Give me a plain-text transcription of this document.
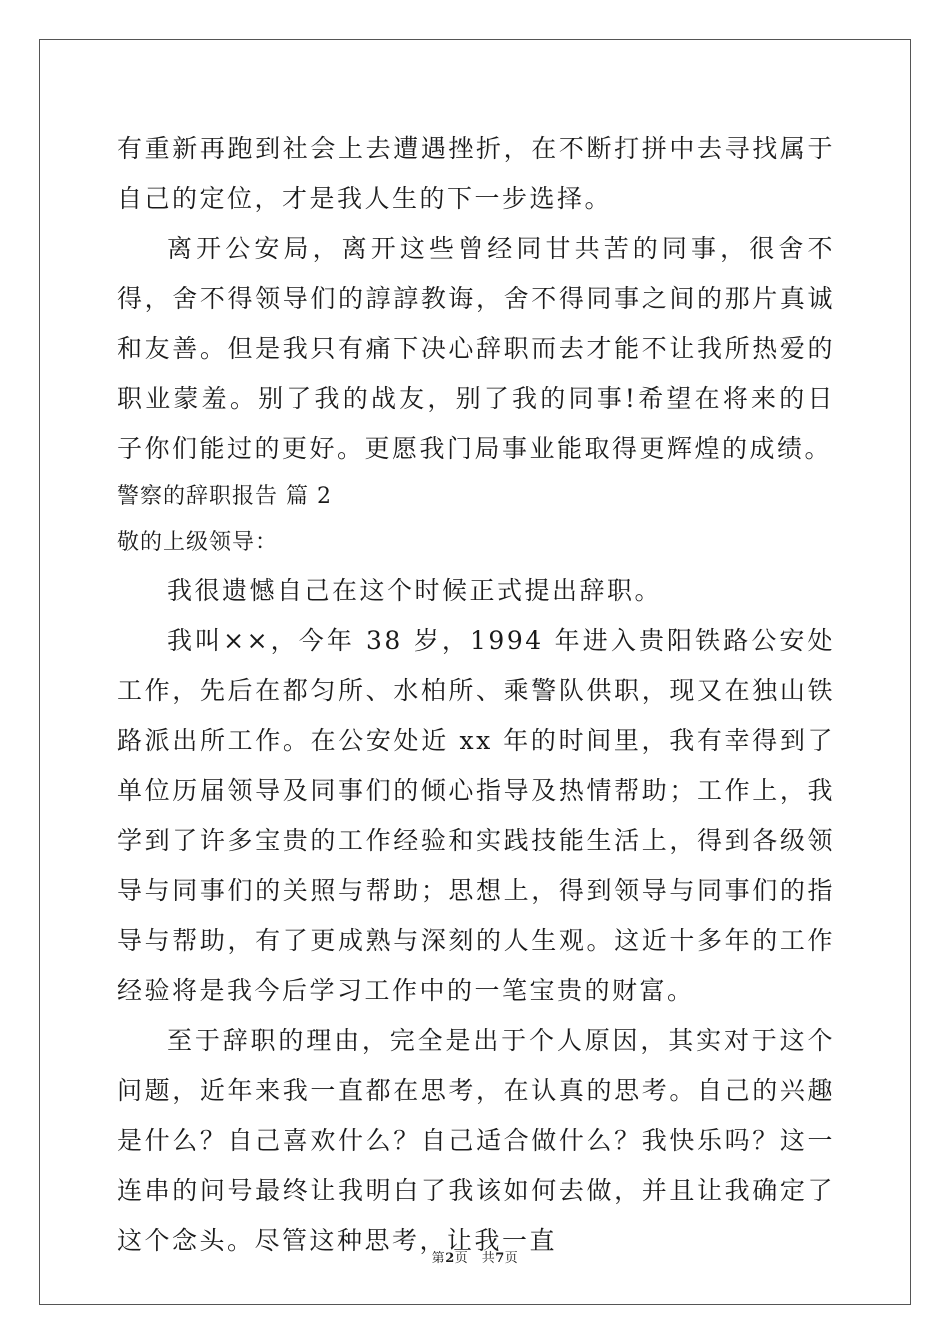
有重新再跑到社会上去遭遇挫折，在不断打拼中去寻找属于自己的定位，才是我人生的下一步选择。

离开公安局，离开这些曾经同甘共苦的同事，很舍不得，舍不得领导们的諄諄教诲，舍不得同事之间的那片真诚和友善。但是我只有痛下决心辞职而去才能不让我所热爱的职业蒙羞。别了我的战友，别了我的同事!希望在将来的日子你们能过的更好。更愿我门局事业能取得更辉煌的成绩。

警察的辞职报告 篇 2

敬的上级领导：

我很遗憾自己在这个时候正式提出辞职。

我叫××，今年 38 岁，1994 年进入贵阳铁路公安处工作，先后在都匀所、水柏所、乘警队供职，现又在独山铁路派出所工作。在公安处近 xx 年的时间里，我有幸得到了单位历届领导及同事们的倾心指导及热情帮助；工作上，我学到了许多宝贵的工作经验和实践技能生活上，得到各级领导与同事们的关照与帮助；思想上，得到领导与同事们的指导与帮助，有了更成熟与深刻的人生观。这近十多年的工作经验将是我今后学习工作中的一笔宝贵的财富。

至于辞职的理由，完全是出于个人原因，其实对于这个问题，近年来我一直都在思考，在认真的思考。自己的兴趣是什么？自己喜欢什么？自己适合做什么？我快乐吗？这一连串的问号最终让我明白了我该如何去做，并且让我确定了这个念头。尽管这种思考，让我一直

第2页　共7页
